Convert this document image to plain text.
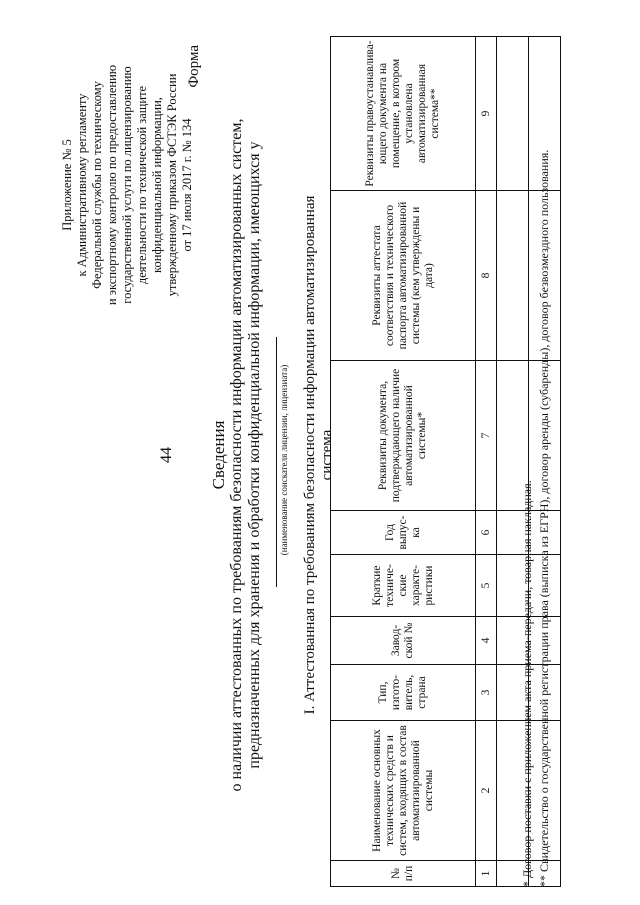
44
Приложение № 5 к Административному регламенту Федеральной службы по техническому и экспортному контролю по предоставлению государственной услуги по лицензированию деятельности по технической защите конфиденциальной информации, утвержденному приказом ФСТЭК России от 17 июля 2017 г. № 134
Форма
Сведения о наличии аттестованных по требованиям безопасности информации автоматизированных систем, предназначенных для хранения и обработки конфиденциальной информации, имеющихся у (наименование соискателя лицензии, лицензиата) I. Аттестованная по требованиям безопасности информации автоматизированная система
№ п/п	Наименование основных технических средств и систем, входящих в состав автоматизированной системы	Тип, изгото-витель, страна	Завод-ской №	Краткие техниче-ские характе-ристики	Год выпус-ка	Реквизиты документа, подтверждающего наличие автоматизированной системы*	Реквизиты аттестата соответствия и технического паспорта автоматизированной системы (кем утверждены и дата)	Реквизиты правоустанавлива-ющего документа на помещение, в котором установлена автоматизированная система**
1	2	3	4	5	6	7	8	9

* Договор поставки с приложением акта приема-передачи, товарная накладная. ** Свидетельство о государственной регистрации права (выписка из ЕГРН), договор аренды (субаренды), договор безвозмездного пользования.
